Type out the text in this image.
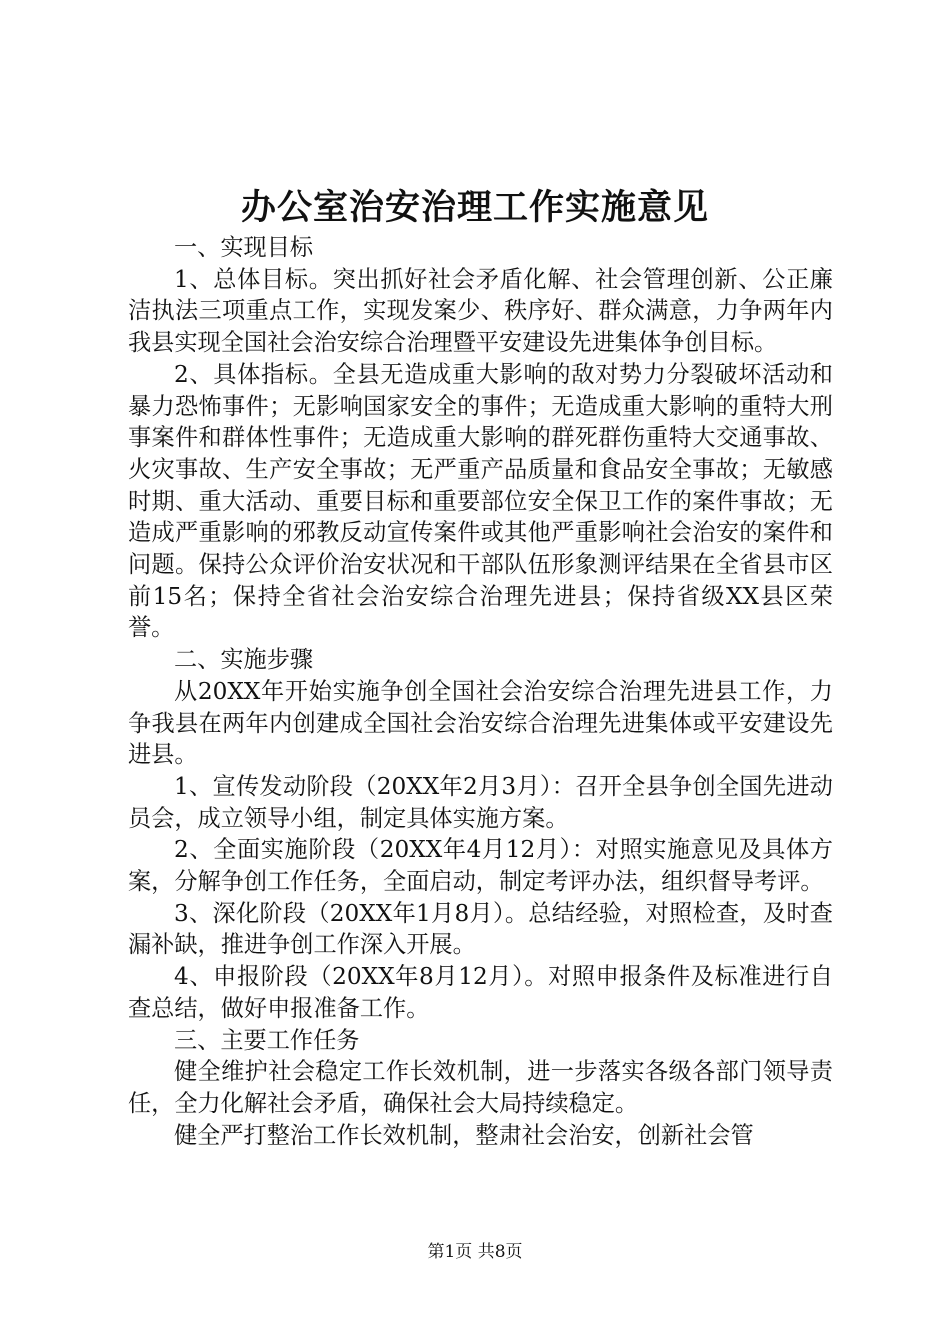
办公室治安治理工作实施意见

一、实现目标

1、总体目标。突出抓好社会矛盾化解、社会管理创新、公正廉洁执法三项重点工作，实现发案少、秩序好、群众满意，力争两年内我县实现全国社会治安综合治理暨平安建设先进集体争创目标。

2、具体指标。全县无造成重大影响的敌对势力分裂破坏活动和暴力恐怖事件；无影响国家安全的事件；无造成重大影响的重特大刑事案件和群体性事件；无造成重大影响的群死群伤重特大交通事故、火灾事故、生产安全事故；无严重产品质量和食品安全事故；无敏感时期、重大活动、重要目标和重要部位安全保卫工作的案件事故；无造成严重影响的邪教反动宣传案件或其他严重影响社会治安的案件和问题。保持公众评价治安状况和干部队伍形象测评结果在全省县市区前15名；保持全省社会治安综合治理先进县；保持省级XX县区荣誉。

二、实施步骤

从20XX年开始实施争创全国社会治安综合治理先进县工作，力争我县在两年内创建成全国社会治安综合治理先进集体或平安建设先进县。

1、宣传发动阶段（20XX年2月3月）：召开全县争创全国先进动员会，成立领导小组，制定具体实施方案。

2、全面实施阶段（20XX年4月12月）：对照实施意见及具体方案，分解争创工作任务，全面启动，制定考评办法，组织督导考评。

3、深化阶段（20XX年1月8月）。总结经验，对照检查，及时查漏补缺，推进争创工作深入开展。

4、申报阶段（20XX年8月12月）。对照申报条件及标准进行自查总结，做好申报准备工作。

三、主要工作任务

健全维护社会稳定工作长效机制，进一步落实各级各部门领导责任，全力化解社会矛盾，确保社会大局持续稳定。

健全严打整治工作长效机制，整肃社会治安，创新社会管

第1页 共8页
